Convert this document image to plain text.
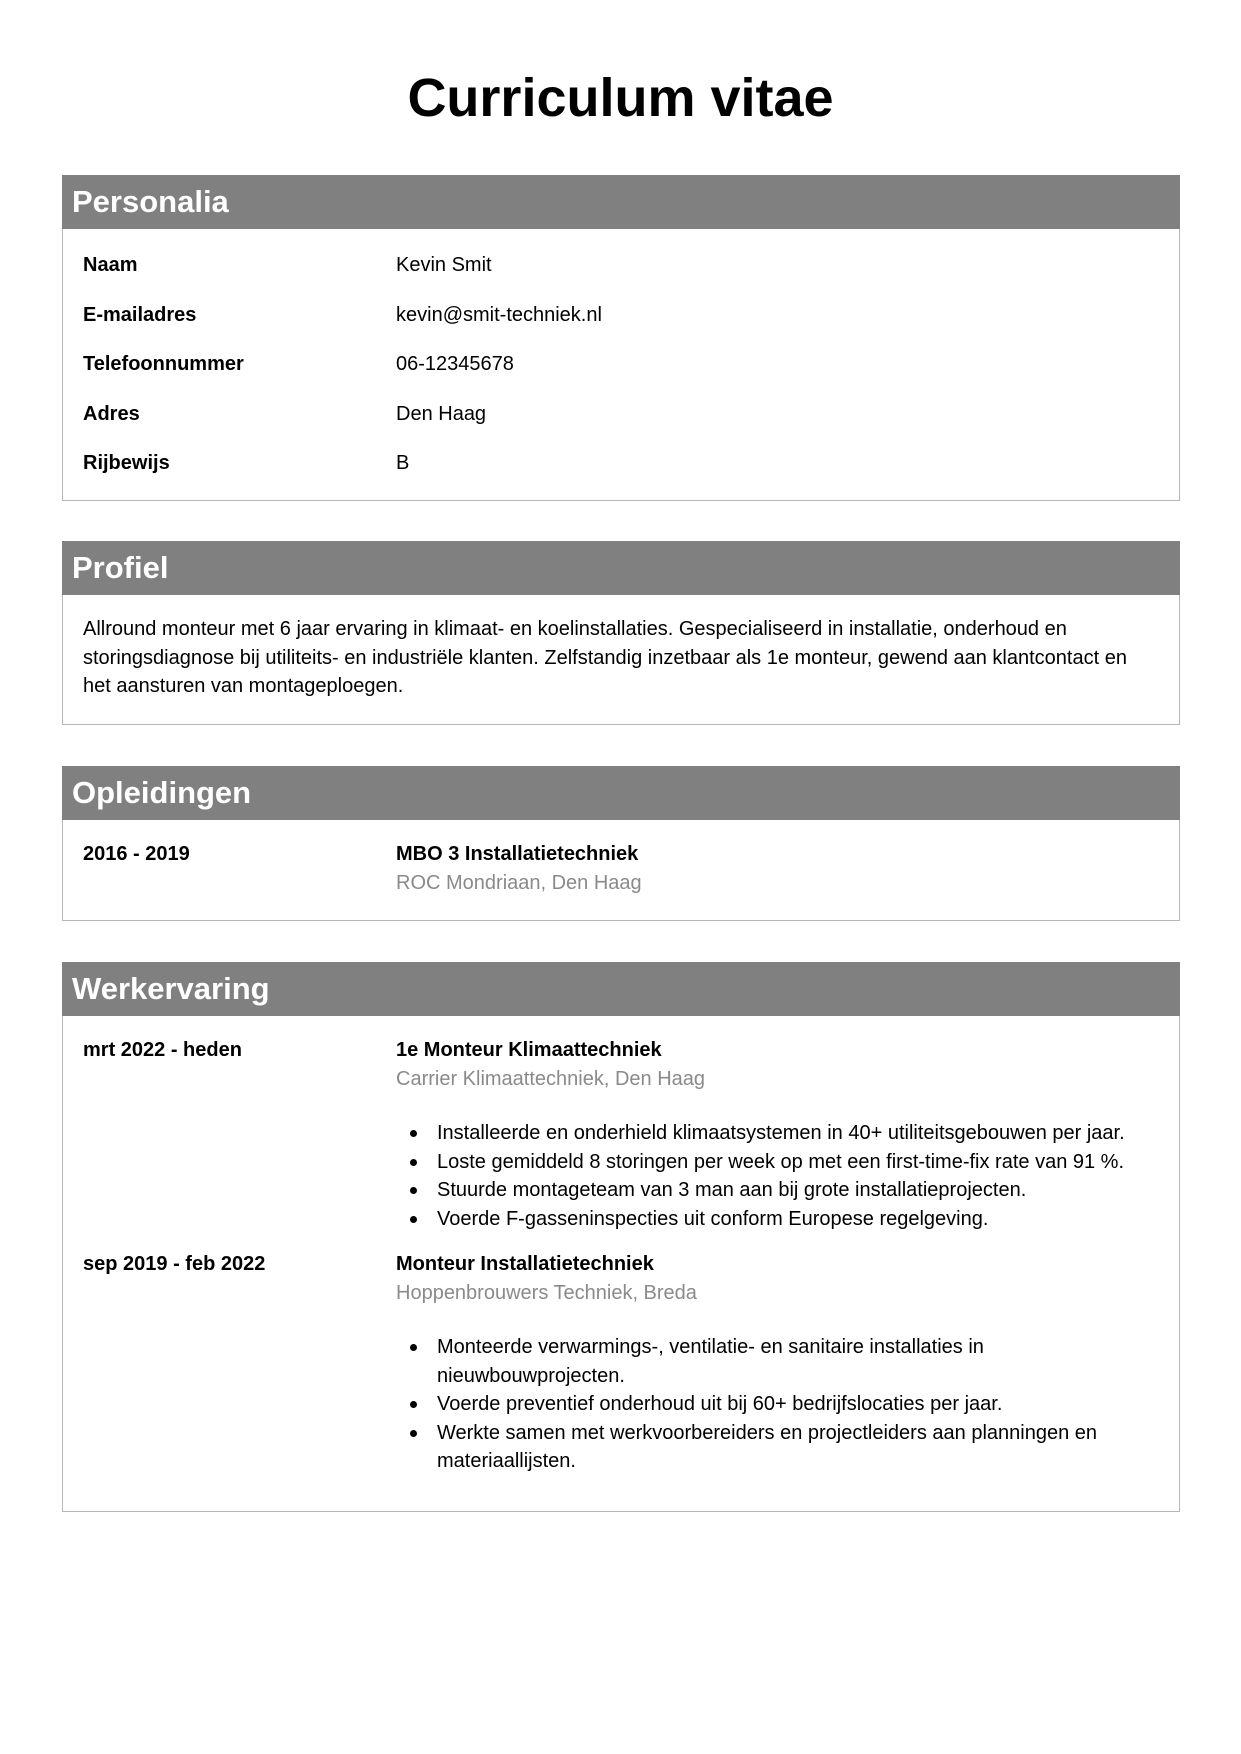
Curriculum vitae
Personalia
Naam	Kevin Smit
E-mailadres	kevin@smit-techniek.nl
Telefoonnummer	06-12345678
Adres	Den Haag
Rijbewijs	B
Profiel

Allround monteur met 6 jaar ervaring in klimaat- en koelinstallaties. Gespecialiseerd in installatie, onderhoud en storingsdiagnose bij utiliteits- en industriële klanten. Zelfstandig inzetbaar als 1e monteur, gewend aan klantcontact en het aansturen van montageploegen.

Opleidingen
2016 - 2019	MBO 3 Installatietechniek
ROC Mondriaan, Den Haag
Werkervaring
mrt 2022 - heden	1e Monteur Klimaattechniek
Carrier Klimaattechniek, Den Haag
Installeerde en onderhield klimaatsystemen in 40+ utiliteitsgebouwen per jaar.
Loste gemiddeld 8 storingen per week op met een first-time-fix rate van 91 %.
Stuurde montageteam van 3 man aan bij grote installatieprojecten.
Voerde F-gasseninspecties uit conform Europese regelgeving.
sep 2019 - feb 2022	Monteur Installatietechniek
Hoppenbrouwers Techniek, Breda
Monteerde verwarmings-, ventilatie- en sanitaire installaties in nieuwbouwprojecten.
Voerde preventief onderhoud uit bij 60+ bedrijfslocaties per jaar.
Werkte samen met werkvoorbereiders en projectleiders aan planningen en materiaallijsten.
